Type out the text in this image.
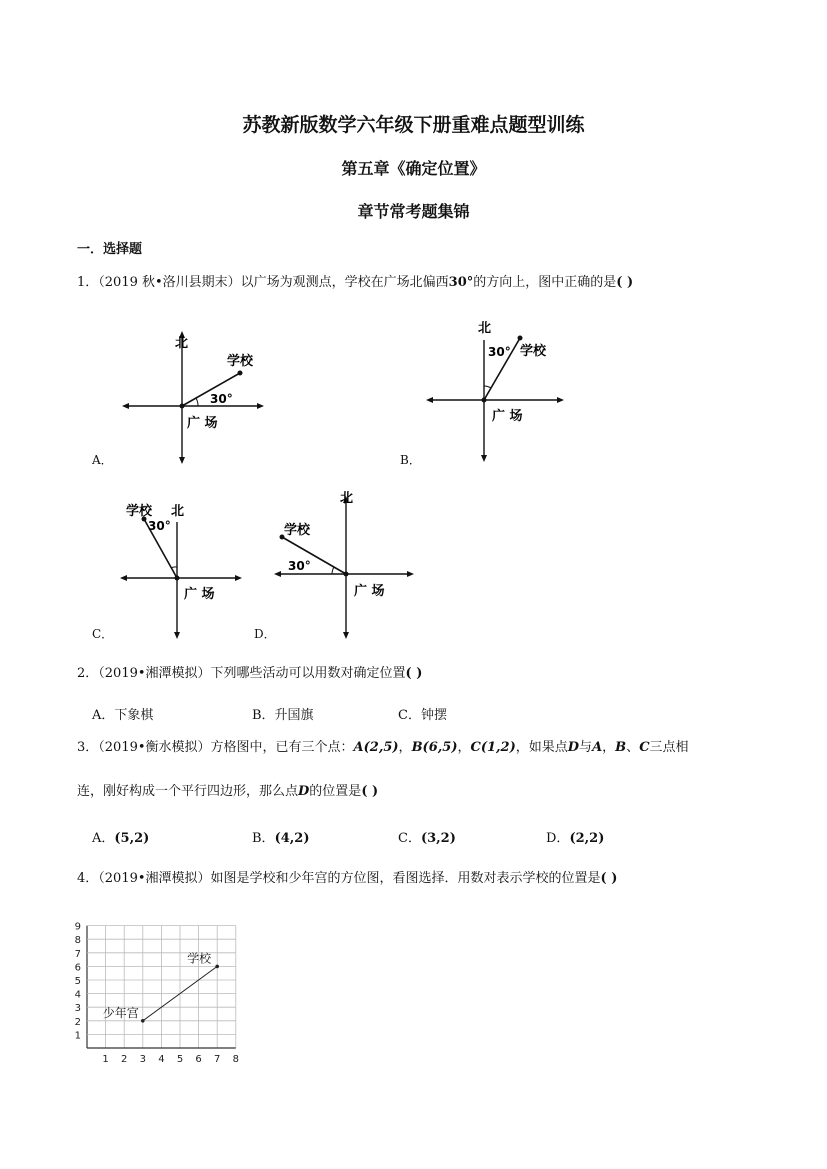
苏教新版数学六年级下册重难点题型训练
第五章《确定位置》
章节常考题集锦
一．选择题
1．（2019 秋•洛川县期末）以广场为观测点，学校在广场北偏西30°的方向上，图中正确的是( )
北
学校
广 场
30°
A．
北
学校
30°
广 场
B．
学校 北
30°
广 场
C．
北
学校
30°
广 场
D．
2．（2019•湘潭模拟）下列哪些活动可以用数对确定位置( )
A．下象棋	B．升国旗	C．钟摆
3．（2019•衡水模拟）方格图中，已有三个点：A(2,5)，B(6,5)，C(1,2)，如果点D与A，B、C三点相
连，刚好构成一个平行四边形，那么点D的位置是( )
A．(5,2)	B．(4,2)	C．(3,2)	D．(2,2)
4．（2019•湘潭模拟）如图是学校和少年宫的方位图，看图选择．用数对表示学校的位置是( )
1 2 3 4 5 6 7 8
1
2
3
4
5
6
7
8
9
少年宫
学校
